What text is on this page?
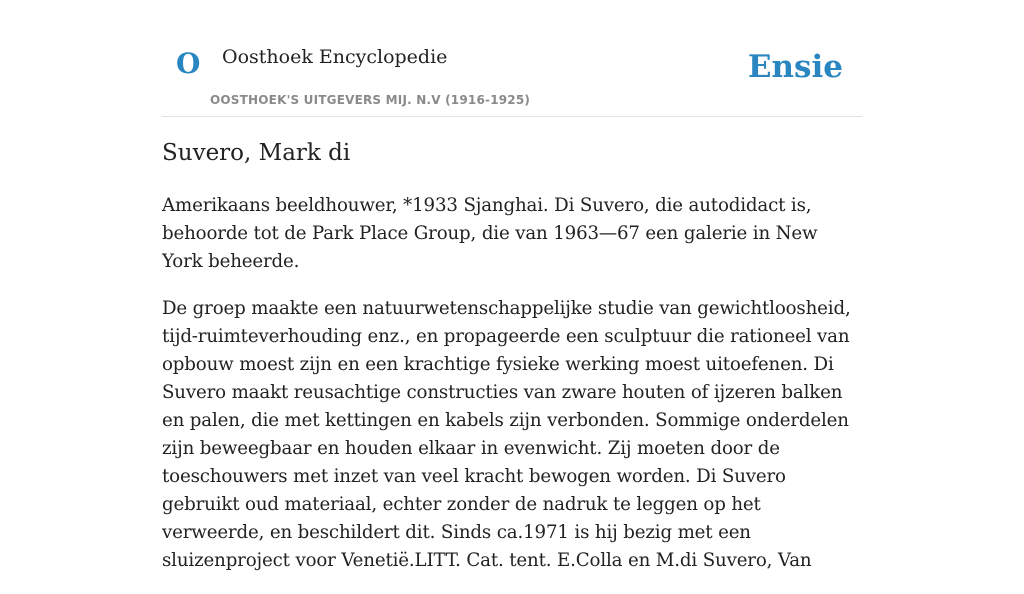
O Oosthoek Encyclopedie
OOSTHOEK'S UITGEVERS MIJ. N.V (1916-1925)
Ensie
Suvero, Mark di

Amerikaans beeldhouwer, *1933 Sjanghai. Di Suvero, die autodidact is, behoorde tot de Park Place Group, die van 1963—67 een galerie in New York beheerde.

De groep maakte een natuurwetenschappelijke studie van gewichtloosheid, tijd-ruimteverhouding enz., en propageerde een sculptuur die rationeel van opbouw moest zijn en een krachtige fysieke werking moest uitoefenen. Di Suvero maakt reusachtige constructies van zware houten of ijzeren balken en palen, die met kettingen en kabels zijn verbonden. Sommige onderdelen zijn beweegbaar en houden elkaar in evenwicht. Zij moeten door de toeschouwers met inzet van veel kracht bewogen worden. Di Suvero gebruikt oud materiaal, echter zonder de nadruk te leggen op het verweerde, en beschildert dit. Sinds ca.1971 is hij bezig met een sluizenproject voor Venetië.LITT. Cat. tent. E.Colla en M.di Suvero, Van
